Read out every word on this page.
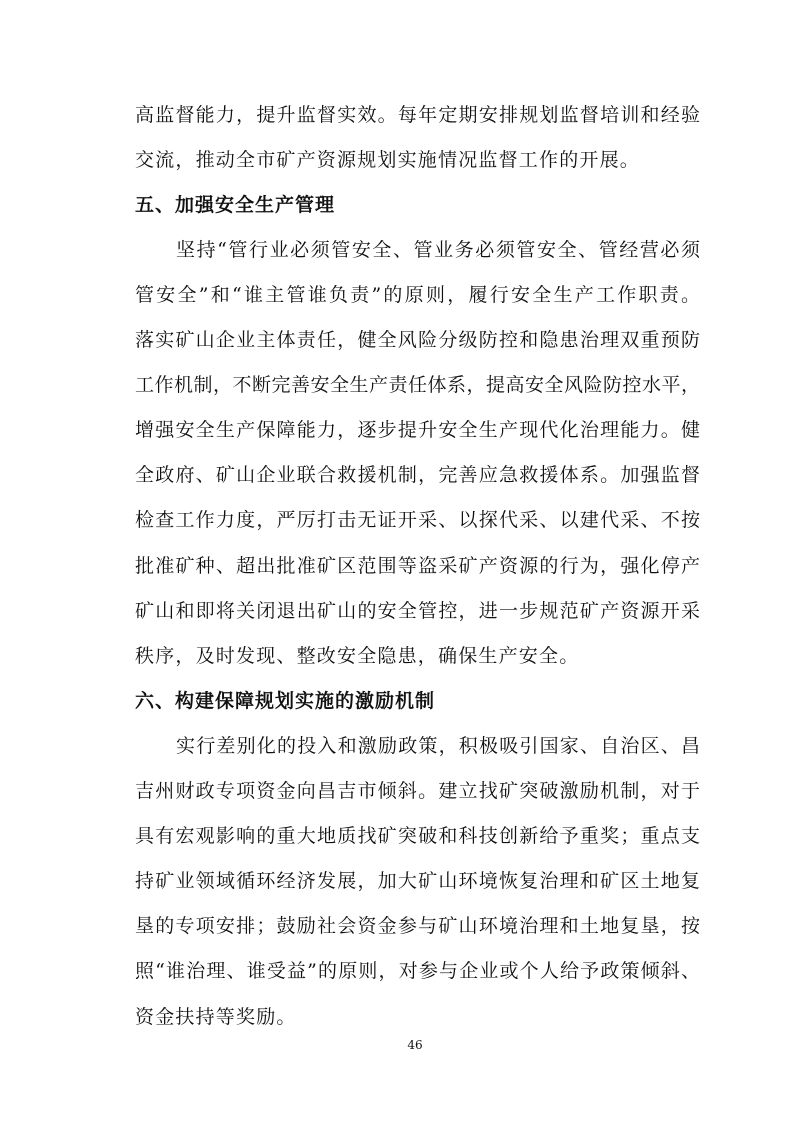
高监督能力，提升监督实效。每年定期安排规划监督培训和经验
交流，推动全市矿产资源规划实施情况监督工作的开展。
五、加强安全生产管理
坚持“管行业必须管安全、管业务必须管安全、管经营必须
管安全”和“谁主管谁负责”的原则，履行安全生产工作职责。
落实矿山企业主体责任，健全风险分级防控和隐患治理双重预防
工作机制，不断完善安全生产责任体系，提高安全风险防控水平，
增强安全生产保障能力，逐步提升安全生产现代化治理能力。健
全政府、矿山企业联合救援机制，完善应急救援体系。加强监督
检查工作力度，严厉打击无证开采、以探代采、以建代采、不按
批准矿种、超出批准矿区范围等盗采矿产资源的行为，强化停产
矿山和即将关闭退出矿山的安全管控，进一步规范矿产资源开采
秩序，及时发现、整改安全隐患，确保生产安全。
六、构建保障规划实施的激励机制
实行差别化的投入和激励政策，积极吸引国家、自治区、昌
吉州财政专项资金向昌吉市倾斜。建立找矿突破激励机制，对于
具有宏观影响的重大地质找矿突破和科技创新给予重奖；重点支
持矿业领域循环经济发展，加大矿山环境恢复治理和矿区土地复
垦的专项安排；鼓励社会资金参与矿山环境治理和土地复垦，按
照“谁治理、谁受益”的原则，对参与企业或个人给予政策倾斜、
资金扶持等奖励。
46
